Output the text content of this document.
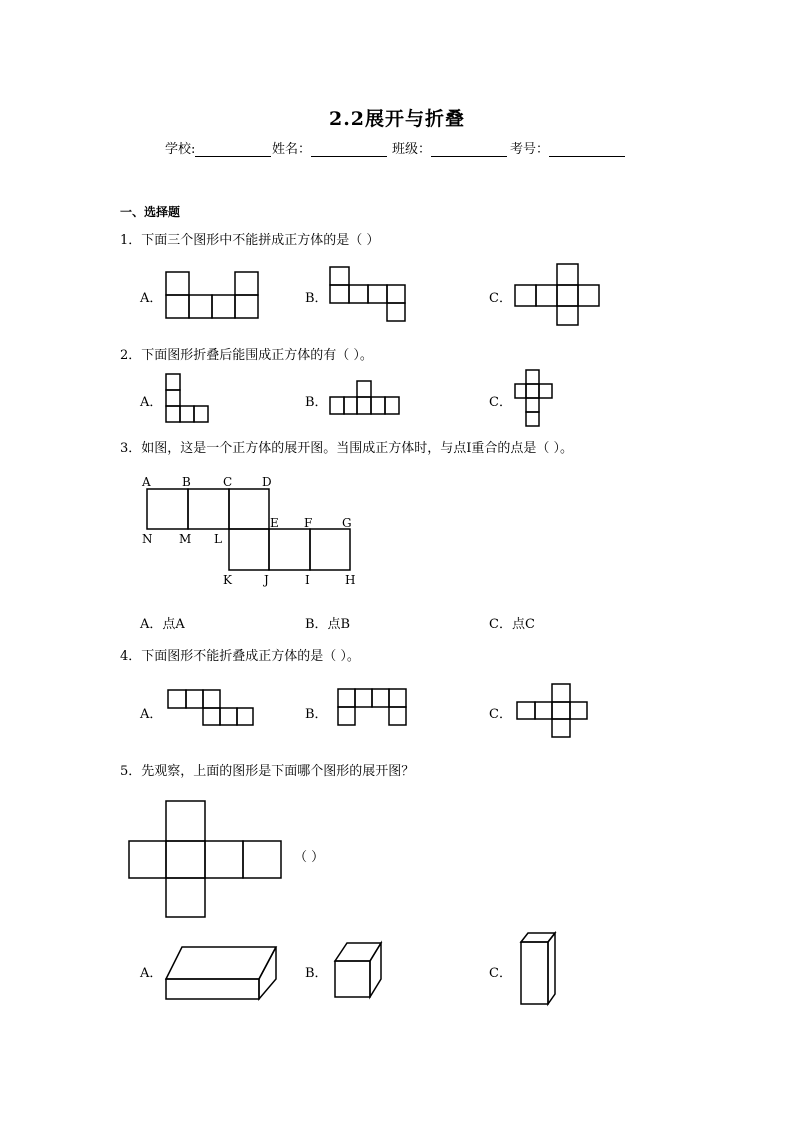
2.2展开与折叠
学校:	姓名：	班级：	考号：
一、选择题
1．下面三个图形中不能拼成正方体的是（ ）
A．	B．	C．
2．下面图形折叠后能围成正方体的有（ ）。
A．	B．	C．
3．如图，这是一个正方体的展开图。当围成正方体时，与点I重合的点是（ ）。
A	B	C D
E F G
N M L
K	J	I	H
A．点A	B．点B	C．点C
4．下面图形不能折叠成正方体的是（ ）。
A．	B．	C．
5．先观察，上面的图形是下面哪个图形的展开图？
（ ）
A．	B．	C．
